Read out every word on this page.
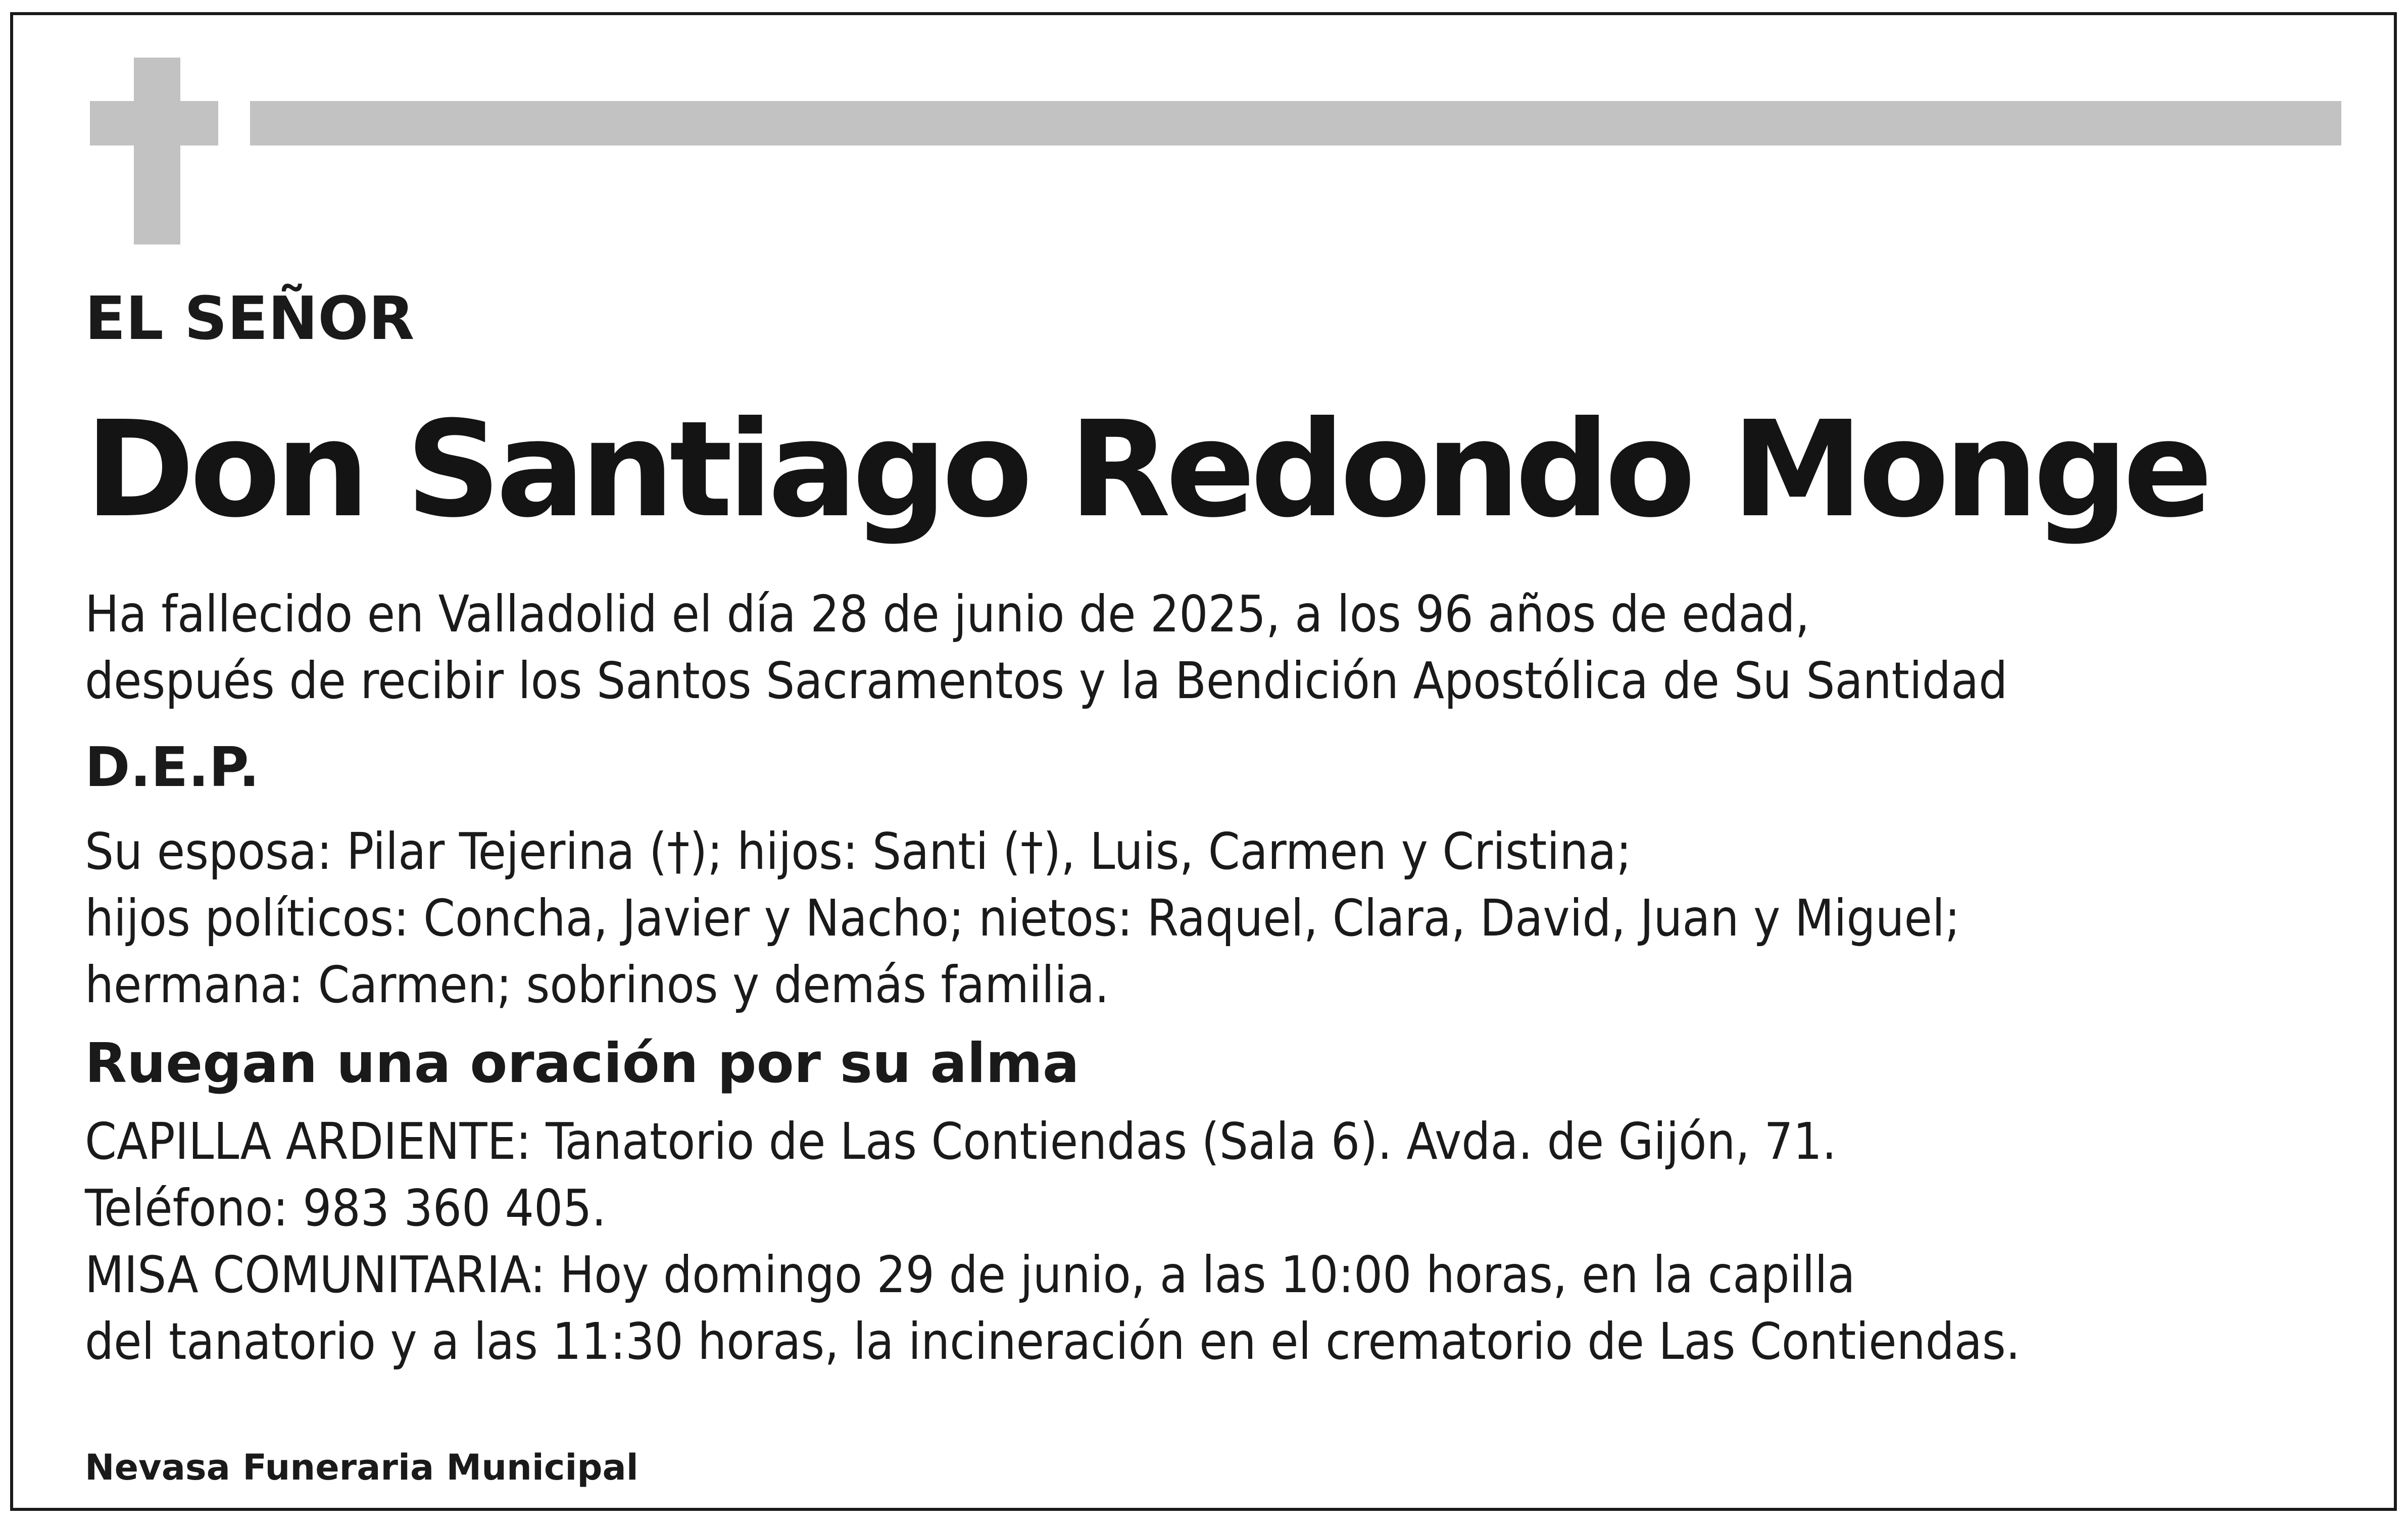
EL SEÑOR
Don Santiago Redondo Monge
Ha fallecido en Valladolid el día 28 de junio de 2025, a los 96 años de edad,
después de recibir los Santos Sacramentos y la Bendición Apostólica de Su Santidad
D.E.P.
Su esposa: Pilar Tejerina (†); hijos: Santi (†), Luis, Carmen y Cristina;
hijos políticos: Concha, Javier y Nacho; nietos: Raquel, Clara, David, Juan y Miguel;
hermana: Carmen; sobrinos y demás familia.
Ruegan una oración por su alma
CAPILLA ARDIENTE: Tanatorio de Las Contiendas (Sala 6). Avda. de Gijón, 71.
Teléfono: 983 360 405.
MISA COMUNITARIA: Hoy domingo 29 de junio, a las 10:00 horas, en la capilla
del tanatorio y a las 11:30 horas, la incineración en el crematorio de Las Contiendas.
Nevasa Funeraria Municipal
